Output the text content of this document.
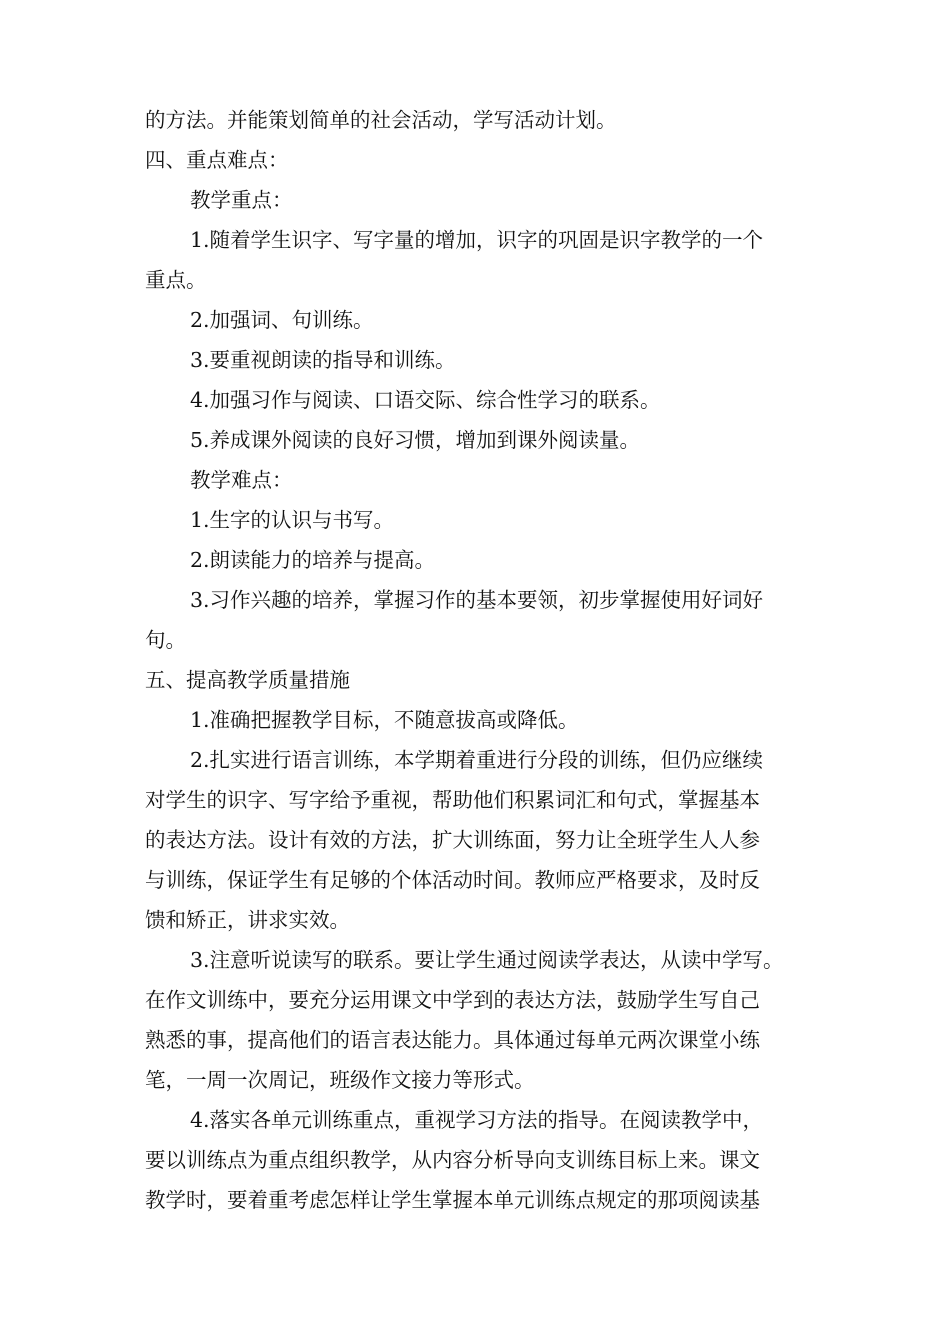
的方法。并能策划简单的社会活动，学写活动计划。
四、重点难点：
教学重点：
1.随着学生识字、写字量的增加，识字的巩固是识字教学的一个
重点。
2.加强词、句训练。
3.要重视朗读的指导和训练。
4.加强习作与阅读、口语交际、综合性学习的联系。
5.养成课外阅读的良好习惯，增加到课外阅读量。
教学难点：
1.生字的认识与书写。
2.朗读能力的培养与提高。
3.习作兴趣的培养，掌握习作的基本要领，初步掌握使用好词好
句。
五、提高教学质量措施
1.准确把握教学目标，不随意拔高或降低。
2.扎实进行语言训练，本学期着重进行分段的训练，但仍应继续
对学生的识字、写字给予重视，帮助他们积累词汇和句式，掌握基本
的表达方法。设计有效的方法，扩大训练面，努力让全班学生人人参
与训练，保证学生有足够的个体活动时间。教师应严格要求，及时反
馈和矫正，讲求实效。
3.注意听说读写的联系。要让学生通过阅读学表达，从读中学写。
在作文训练中，要充分运用课文中学到的表达方法，鼓励学生写自己
熟悉的事，提高他们的语言表达能力。具体通过每单元两次课堂小练
笔，一周一次周记，班级作文接力等形式。
4.落实各单元训练重点，重视学习方法的指导。在阅读教学中，
要以训练点为重点组织教学，从内容分析导向支训练目标上来。课文
教学时，要着重考虑怎样让学生掌握本单元训练点规定的那项阅读基
